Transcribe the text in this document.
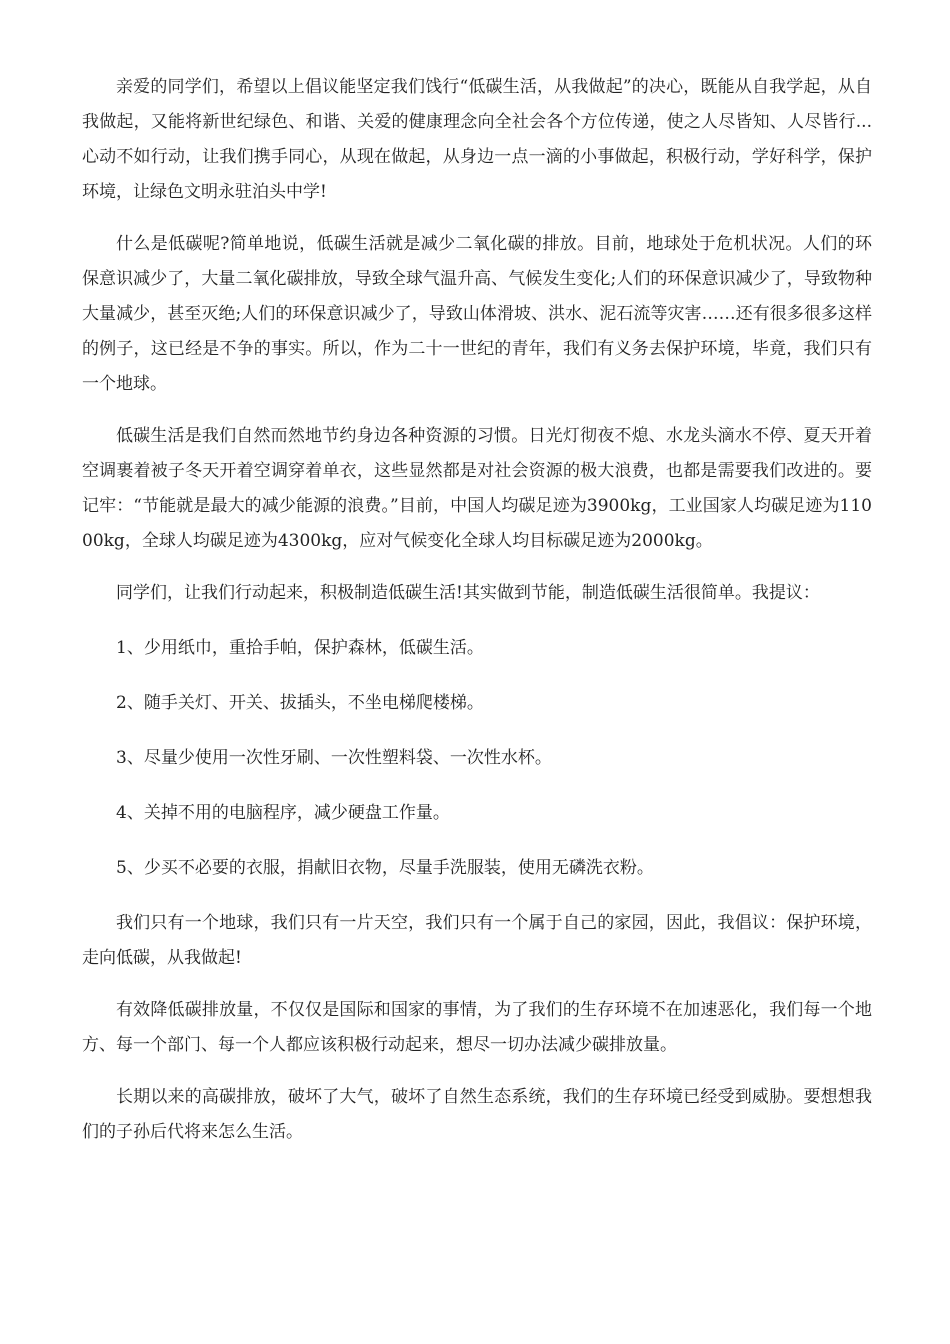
亲爱的同学们，希望以上倡议能坚定我们饯行“低碳生活，从我做起”的决心，既能从自我学起，从自我做起，又能将新世纪绿色、和谐、关爱的健康理念向全社会各个方位传递，使之人尽皆知、人尽皆行...心动不如行动，让我们携手同心，从现在做起，从身边一点一滴的小事做起，积极行动，学好科学，保护环境，让绿色文明永驻泊头中学!

什么是低碳呢?简单地说，低碳生活就是减少二氧化碳的排放。目前，地球处于危机状况。人们的环保意识减少了，大量二氧化碳排放，导致全球气温升高、气候发生变化;人们的环保意识减少了，导致物种大量减少，甚至灭绝;人们的环保意识减少了，导致山体滑坡、洪水、泥石流等灾害……还有很多很多这样的例子，这已经是不争的事实。所以，作为二十一世纪的青年，我们有义务去保护环境，毕竟，我们只有一个地球。

低碳生活是我们自然而然地节约身边各种资源的习惯。日光灯彻夜不熄、水龙头滴水不停、夏天开着空调裹着被子冬天开着空调穿着单衣，这些显然都是对社会资源的极大浪费，也都是需要我们改进的。要记牢：“节能就是最大的减少能源的浪费。”目前，中国人均碳足迹为3900kg，工业国家人均碳足迹为11000kg，全球人均碳足迹为4300kg，应对气候变化全球人均目标碳足迹为2000kg。

同学们，让我们行动起来，积极制造低碳生活!其实做到节能，制造低碳生活很简单。我提议：

1、少用纸巾，重拾手帕，保护森林，低碳生活。
2、随手关灯、开关、拔插头，不坐电梯爬楼梯。
3、尽量少使用一次性牙刷、一次性塑料袋、一次性水杯。
4、关掉不用的电脑程序，减少硬盘工作量。
5、少买不必要的衣服，捐献旧衣物，尽量手洗服装，使用无磷洗衣粉。

我们只有一个地球，我们只有一片天空，我们只有一个属于自己的家园，因此，我倡议：保护环境，走向低碳，从我做起!

有效降低碳排放量，不仅仅是国际和国家的事情，为了我们的生存环境不在加速恶化，我们每一个地方、每一个部门、每一个人都应该积极行动起来，想尽一切办法减少碳排放量。

长期以来的高碳排放，破坏了大气，破坏了自然生态系统，我们的生存环境已经受到威胁。要想想我们的子孙后代将来怎么生活。
